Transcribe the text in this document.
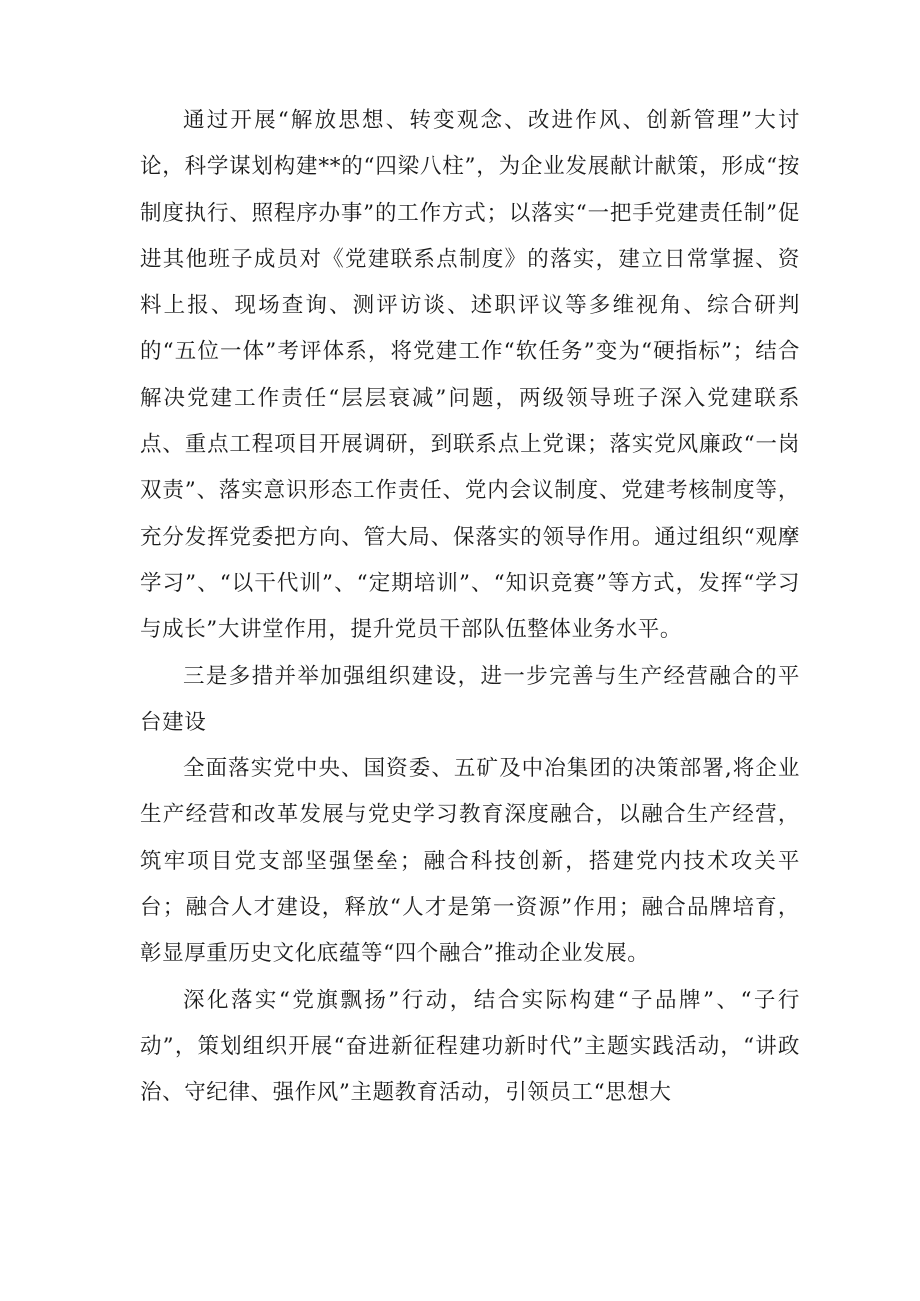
通过开展“解放思想、转变观念、改进作风、创新管理”大讨论，科学谋划构建**的“四梁八柱”，为企业发展献计献策，形成“按制度执行、照程序办事”的工作方式；以落实“一把手党建责任制”促进其他班子成员对《党建联系点制度》的落实，建立日常掌握、资料上报、现场查询、测评访谈、述职评议等多维视角、综合研判的“五位一体”考评体系，将党建工作“软任务”变为“硬指标”；结合解决党建工作责任“层层衰减”问题，两级领导班子深入党建联系点、重点工程项目开展调研，到联系点上党课；落实党风廉政“一岗双责”、落实意识形态工作责任、党内会议制度、党建考核制度等，充分发挥党委把方向、管大局、保落实的领导作用。通过组织“观摩学习”、“以干代训”、“定期培训”、“知识竞赛”等方式，发挥“学习与成长”大讲堂作用，提升党员干部队伍整体业务水平。

三是多措并举加强组织建设，进一步完善与生产经营融合的平台建设

全面落实党中央、国资委、五矿及中冶集团的决策部署,将企业生产经营和改革发展与党史学习教育深度融合，以融合生产经营，筑牢项目党支部坚强堡垒；融合科技创新，搭建党内技术攻关平台；融合人才建设，释放“人才是第一资源”作用；融合品牌培育，彰显厚重历史文化底蕴等“四个融合”推动企业发展。

深化落实“党旗飘扬”行动，结合实际构建“子品牌”、“子行动”，策划组织开展“奋进新征程建功新时代”主题实践活动，“讲政治、守纪律、强作风”主题教育活动，引领员工“思想大
